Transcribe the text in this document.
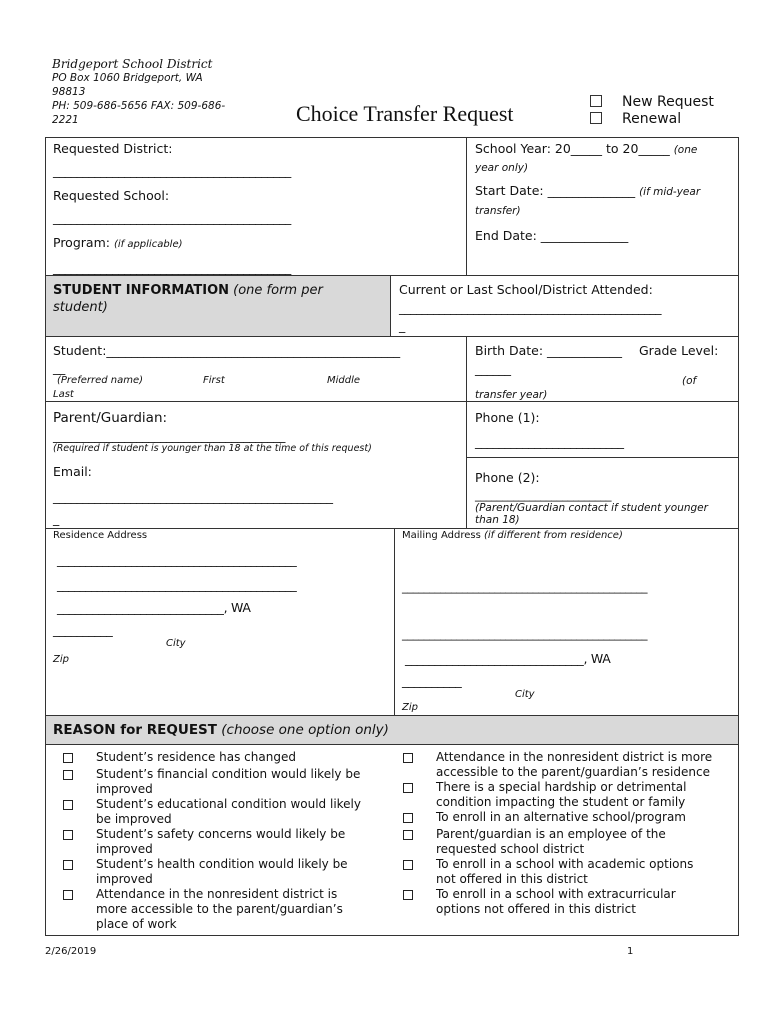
Bridgeport School District
PO Box 1060 Bridgeport, WA
98813
PH: 509-686-5656 FAX: 509-686-
2221	Choice Transfer Request	New Request
Renewal
Requested District:
________________________________________
Requested School:
________________________________________
Program: (if applicable)
________________________________________
School Year: 20_____ to 20_____ (one
year only)
Start Date: ______________ (if mid-year
transfer)
End Date: ______________
STUDENT INFORMATION (one form per
student)
Current or Last School/District Attended:
______________________________________________
_
Student:_______________________________________________
__
(Preferred name)	First	Middle
Last
Birth Date: ____________ Grade Level:
______
(of
transfer year)
Parent/Guardian:
_______________________________________
(Required if student is younger than 18 at the time of this request)
Email:
_______________________________________________
_
Phone (1):
_________________________
Phone (2):
_________________________
(Parent/Guardian contact if student younger
than 18)
Residence Address
__________________________________________
__________________________________________
____________________________, WA
__________
City
Zip
Mailing Address (if different from residence)
_____________________________________________
_____________________________________________
______________________________, WA
__________
City
Zip
REASON for REQUEST (choose one option only)
Student’s residence has changed
Student’s financial condition would likely be
improved
Student’s educational condition would likely
be improved
Student’s safety concerns would likely be
improved
Student’s health condition would likely be
improved
Attendance in the nonresident district is
more accessible to the parent/guardian’s
place of work
Attendance in the nonresident district is more
accessible to the parent/guardian’s residence
There is a special hardship or detrimental
condition impacting the student or family
To enroll in an alternative school/program
Parent/guardian is an employee of the
requested school district
To enroll in a school with academic options
not offered in this district
To enroll in a school with extracurricular
options not offered in this district
2/26/2019	1
